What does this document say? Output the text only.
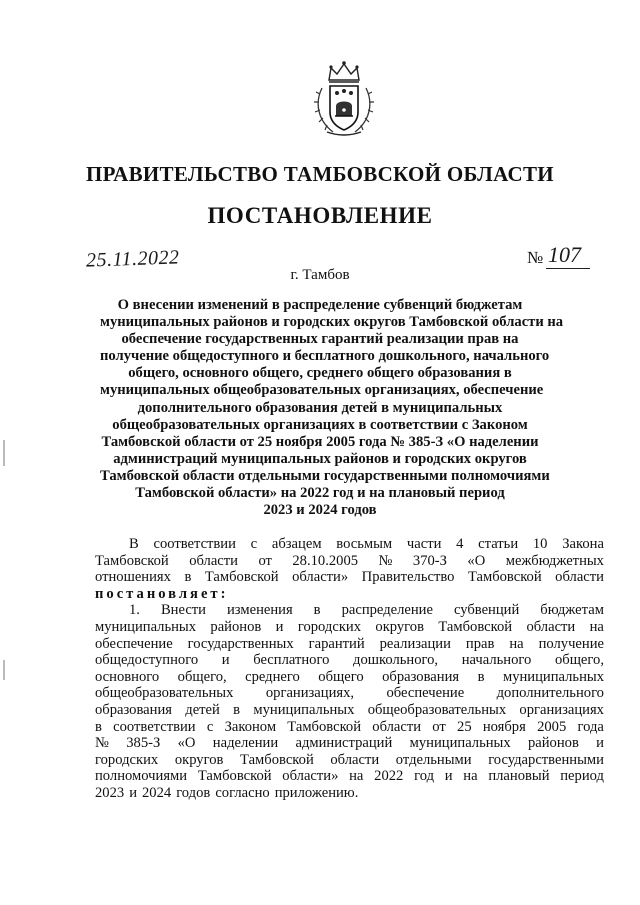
ПРАВИТЕЛЬСТВО ТАМБОВСКОЙ ОБЛАСТИ
ПОСТАНОВЛЕНИЕ
25.11.2022	№ 107
г. Тамбов
О внесении изменений в распределение субвенций бюджетам
муниципальных районов и городских округов Тамбовской области на
обеспечение государственных гарантий реализации прав на
получение общедоступного и бесплатного дошкольного, начального
общего, основного общего, среднего общего образования в
муниципальных общеобразовательных организациях, обеспечение
дополнительного образования детей в муниципальных
общеобразовательных организациях в соответствии с Законом
Тамбовской области от 25 ноября 2005 года № 385-З «О наделении
администраций муниципальных районов и городских округов
Тамбовской области отдельными государственными полномочиями
Тамбовской области» на 2022 год и на плановый период
2023 и 2024 годов
В соответствии с абзацем восьмым части 4 статьи 10 Закона
Тамбовской области от 28.10.2005 № 370-З «О межбюджетных
отношениях в Тамбовской области» Правительство Тамбовской области
постановляет:
1. Внести изменения в распределение субвенций бюджетам
муниципальных районов и городских округов Тамбовской области на
обеспечение государственных гарантий реализации прав на получение
общедоступного и бесплатного дошкольного, начального общего,
основного общего, среднего общего образования в муниципальных
общеобразовательных организациях, обеспечение дополнительного
образования детей в муниципальных общеобразовательных организациях
в соответствии с Законом Тамбовской области от 25 ноября 2005 года
№ 385-З «О наделении администраций муниципальных районов и
городских округов Тамбовской области отдельными государственными
полномочиями Тамбовской области» на 2022 год и на плановый период
2023 и 2024 годов согласно приложению.
